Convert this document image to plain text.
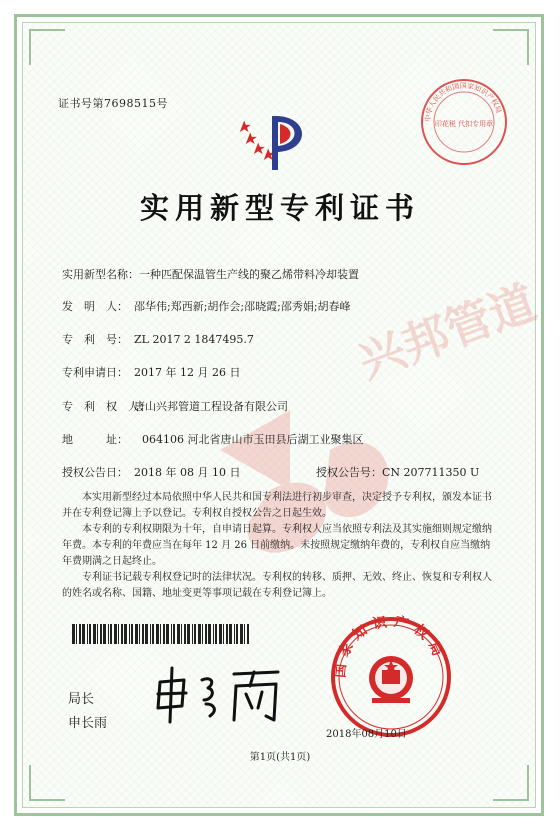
证书号第7698515号
中华人民共和国国家知识产权局
印花税 代扣专用章
实用新型专利证书
兴邦管道
实用新型名称：一种匹配保温管生产线的聚乙烯带料冷却装置
发　明　人： 邵华伟;郑西新;胡作会;邵晓霞;邵秀娟;胡春峰
专　利　号： ZL 2017 2 1847495.7
专利申请日： 2017 年 12 月 26 日
专　利　权　人：唐山兴邦管道工程设备有限公司
地　　　址： 064106 河北省唐山市玉田县后湖工业聚集区
授权公告日： 2018 年 08 月 10 日	授权公告号：CN 207711350 U
本实用新型经过本局依照中华人民共和国专利法进行初步审查，决定授予专利权，颁发本证书并在专利登记簿上予以登记。专利权自授权公告之日起生效。
本专利的专利权期限为十年，自申请日起算。专利权人应当依照专利法及其实施细则规定缴纳年费。本专利的年费应当在每年 12 月 26 日前缴纳。未按照规定缴纳年费的，专利权自应当缴纳年费期满之日起终止。
专利证书记载专利权登记时的法律状况。专利权的转移、质押、无效、终止、恢复和专利权人的姓名或名称、国籍、地址变更等事项记载在专利登记簿上。
局长
申长雨
国家知识产权局
2018年08月10日
第1页(共1页)
